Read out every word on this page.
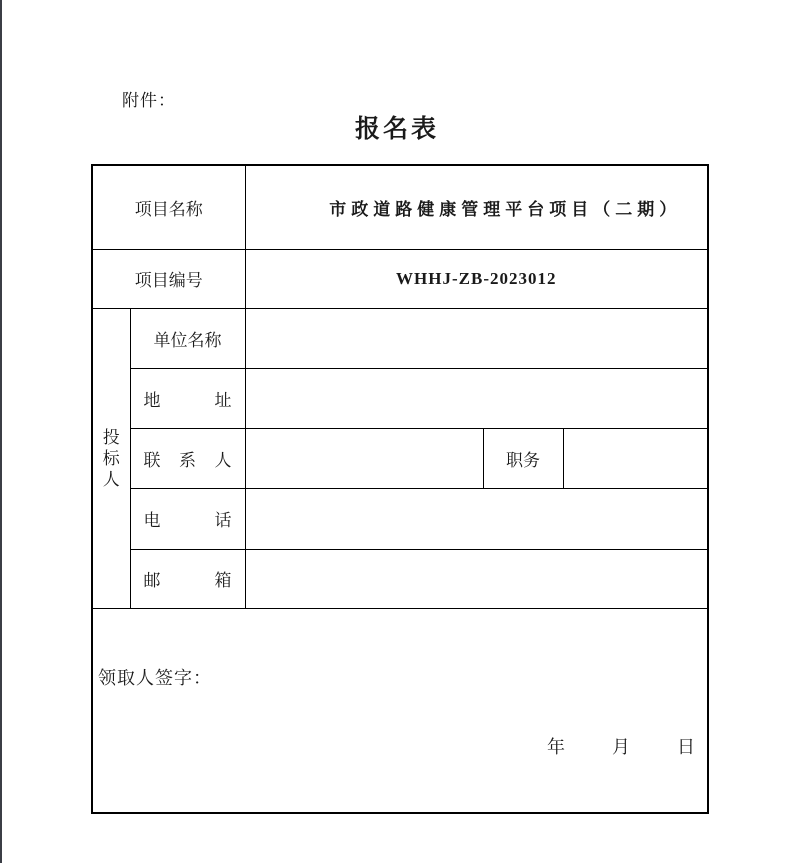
附件：
报名表
项目名称		市政道路健康管理平台项目（二期）		
项目编号		WHHJ-ZB-2023012		

投标人	单位名称			

	地 址			

	联 系 人		职务	

	电 话			

	邮 箱			

领取人签字：
年 月 日				
